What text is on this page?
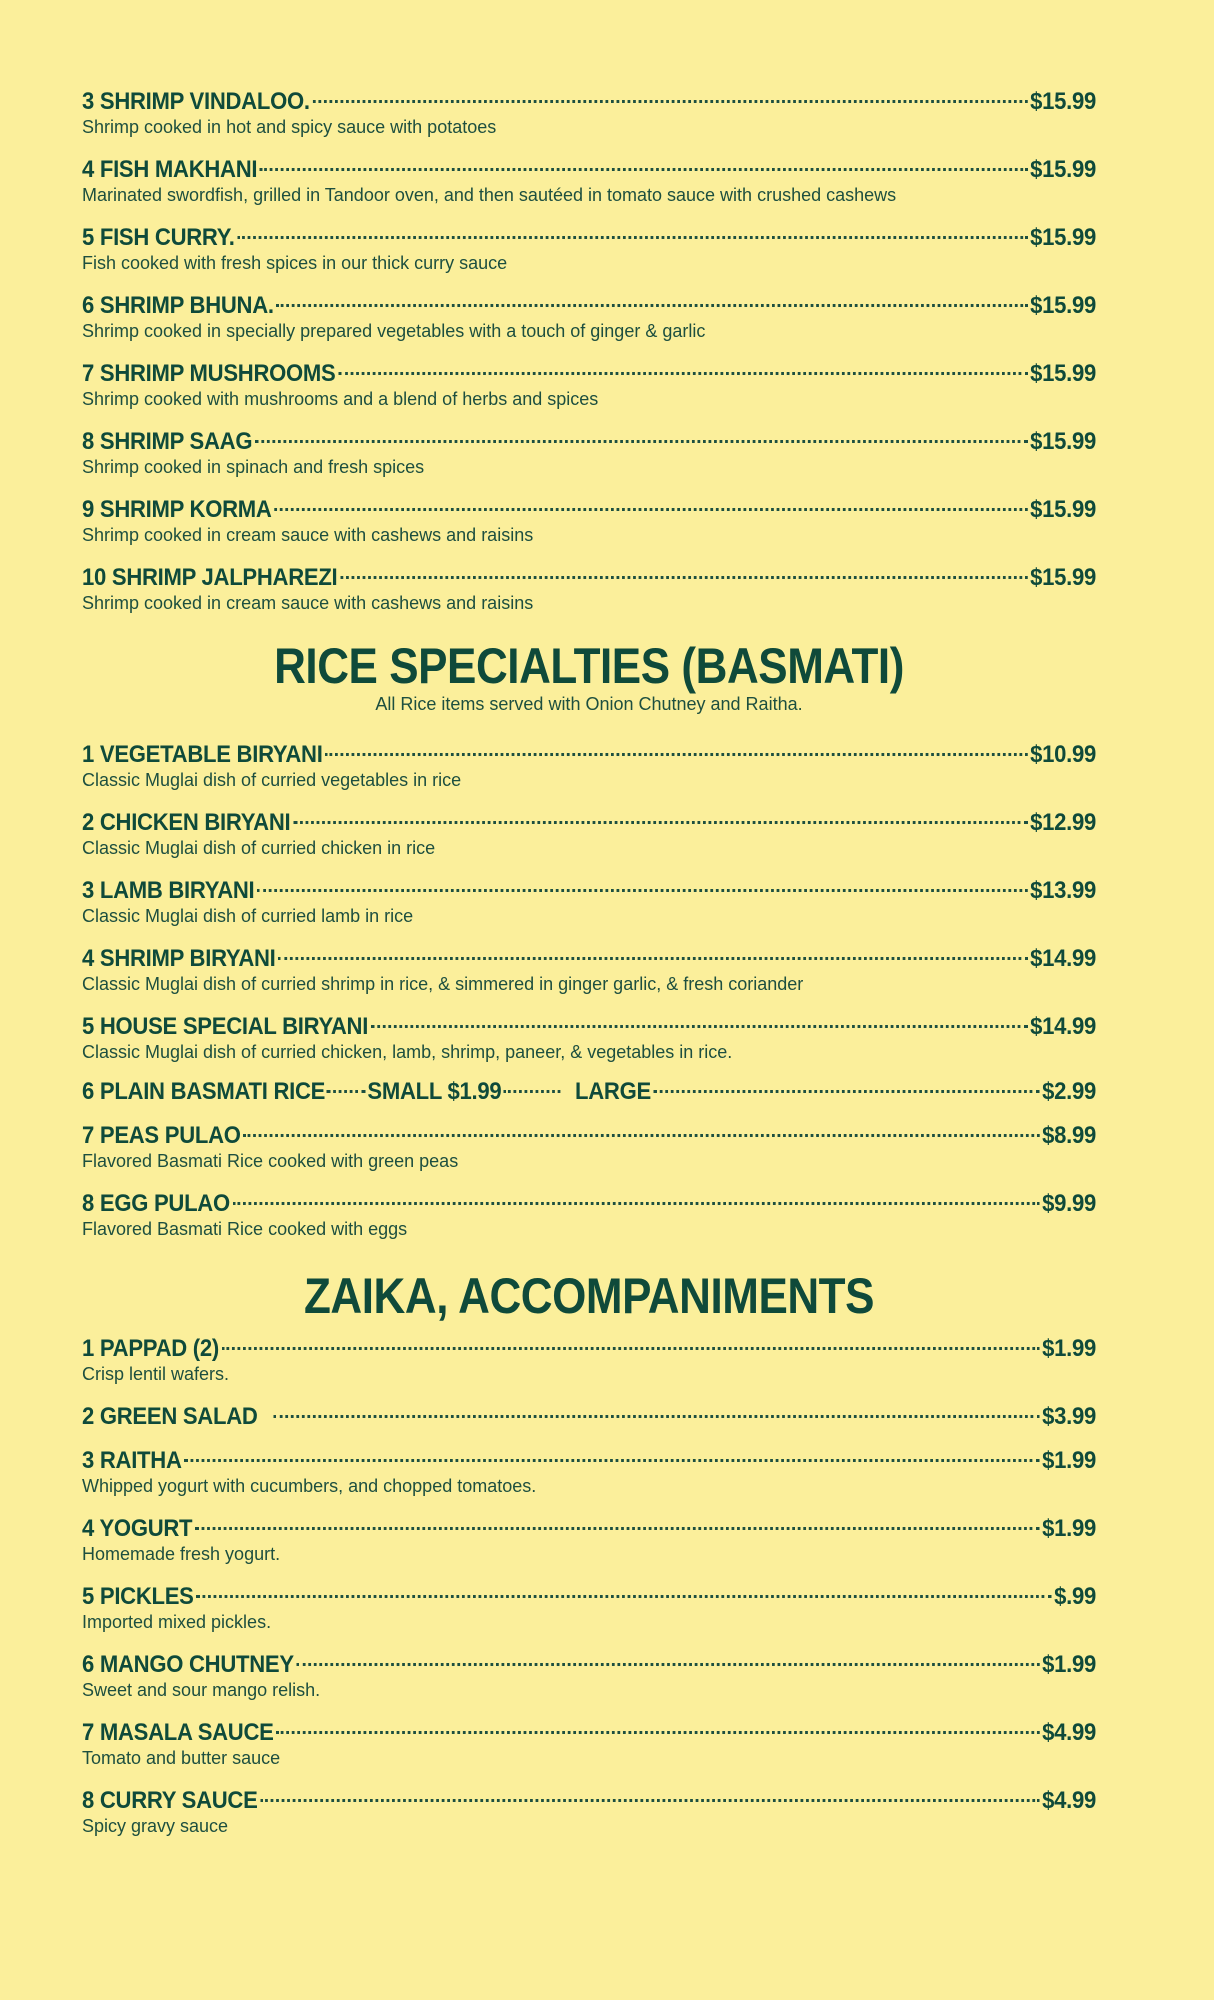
3 SHRIMP VINDALOO.	$15.99
Shrimp cooked in hot and spicy sauce with potatoes
4 FISH MAKHANI	$15.99
Marinated swordfish, grilled in Tandoor oven, and then sautéed in tomato sauce with crushed cashews
5 FISH CURRY.	$15.99
Fish cooked with fresh spices in our thick curry sauce
6 SHRIMP BHUNA.	$15.99
Shrimp cooked in specially prepared vegetables with a touch of ginger & garlic
7 SHRIMP MUSHROOMS	$15.99
Shrimp cooked with mushrooms and a blend of herbs and spices
8 SHRIMP SAAG	$15.99
Shrimp cooked in spinach and fresh spices
9 SHRIMP KORMA	$15.99
Shrimp cooked in cream sauce with cashews and raisins
10 SHRIMP JALPHAREZI	$15.99
Shrimp cooked in cream sauce with cashews and raisins
RICE SPECIALTIES (BASMATI)
All Rice items served with Onion Chutney and Raitha.
1 VEGETABLE BIRYANI	$10.99
Classic Muglai dish of curried vegetables in rice
2 CHICKEN BIRYANI	$12.99
Classic Muglai dish of curried chicken in rice
3 LAMB BIRYANI	$13.99
Classic Muglai dish of curried lamb in rice
4 SHRIMP BIRYANI	$14.99
Classic Muglai dish of curried shrimp in rice, & simmered in ginger garlic, & fresh coriander
5 HOUSE SPECIAL BIRYANI	$14.99
Classic Muglai dish of curried chicken, lamb, shrimp, paneer, & vegetables in rice.
6 PLAIN BASMATI RICE SMALL $1.99	LARGE	$2.99
7 PEAS PULAO	$8.99
Flavored Basmati Rice cooked with green peas
8 EGG PULAO	$9.99
Flavored Basmati Rice cooked with eggs
ZAIKA, ACCOMPANIMENTS
1 PAPPAD (2)	$1.99
Crisp lentil wafers.
2 GREEN SALAD	$3.99
3 RAITHA	$1.99
Whipped yogurt with cucumbers, and chopped tomatoes.
4 YOGURT	$1.99
Homemade fresh yogurt.
5 PICKLES	$.99
Imported mixed pickles.
6 MANGO CHUTNEY	$1.99
Sweet and sour mango relish.
7 MASALA SAUCE	$4.99
Tomato and butter sauce
8 CURRY SAUCE	$4.99
Spicy gravy sauce
